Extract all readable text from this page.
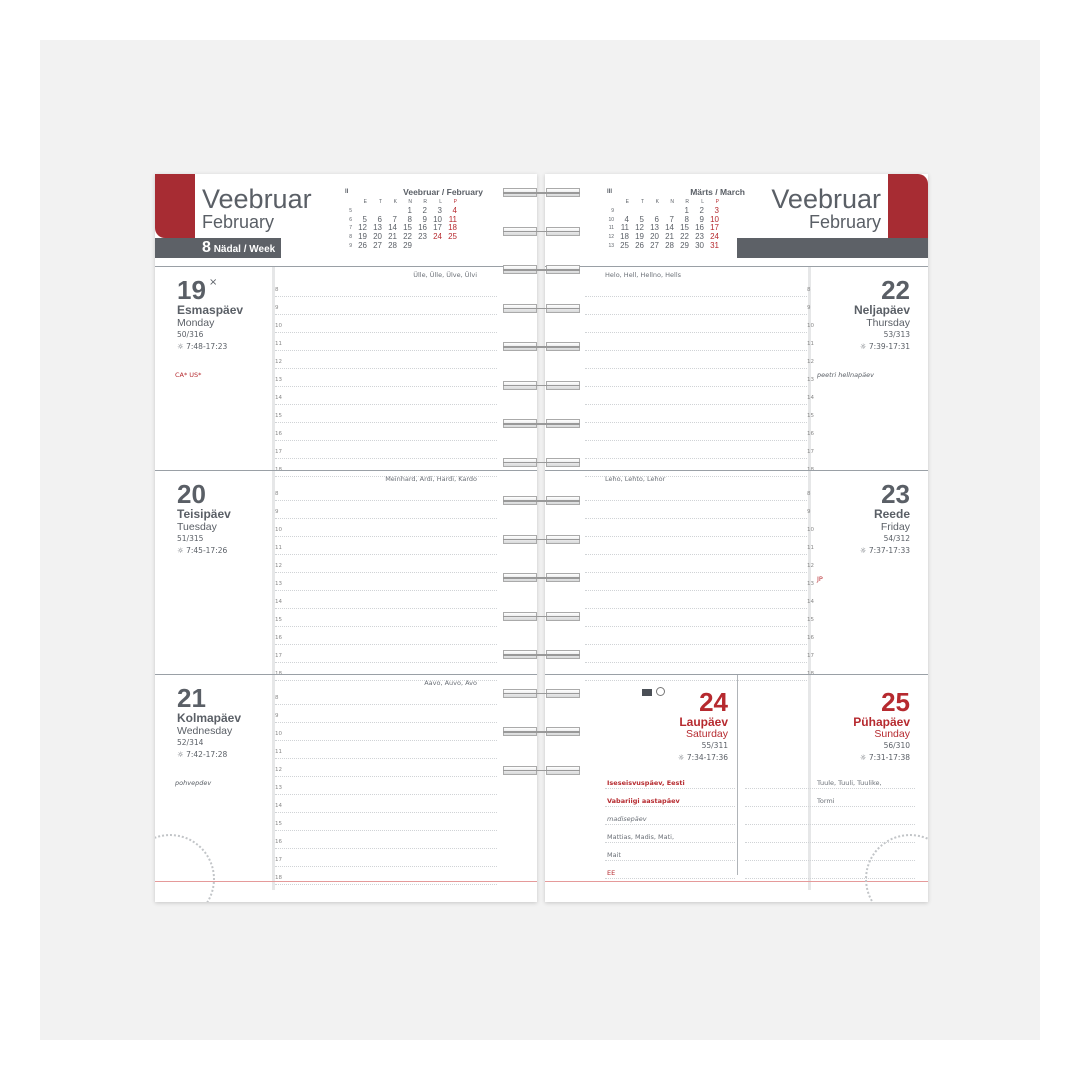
Veebruar
February
8 Nädal / Week
II	Veebruar / February
	E	T	K	N	R	L	P
5				1	2	3	4
6	5	6	7	8	9	10	11
7	12	13	14	15	16	17	18
8	19	20	21	22	23	24	25
9	26	27	28	29			
19 ×
Esmaspäev
Monday
50/316
☼ 7:48-17:23
Ülle, Ülle, Ülve, Ülvi
CA* US*
8
9
10
11
12
13
14
15
16
17
18
20
Teisipäev
Tuesday
51/315
☼ 7:45-17:26
Meinhard, Ardi, Hardi, Kardo
8
9
10
11
12
13
14
15
16
17
18
21
Kolmapäev
Wednesday
52/314
☼ 7:42-17:28
Aavo, Auvo, Avo
pohvepdev
8
9
10
11
12
13
14
15
16
17
18
Veebruar
February
III	Märts / March
	E	T	K	N	R	L	P
9					1	2	3
10	4	5	6	7	8	9	10
11	11	12	13	14	15	16	17
12	18	19	20	21	22	23	24
13	25	26	27	28	29	30	31
22
Neljapäev
Thursday
53/313
☼ 7:39-17:31
Helo, Hell, Hellno, Hells
peetri hellnapäev
8
9
10
11
12
13
14
15
16
17
18
23
Reede
Friday
54/312
☼ 7:37-17:33
Leho, Lehto, Lehor
JP
8
9
10
11
12
13
14
15
16
17
18
24
Laupäev
Saturday
55/311
☼ 7:34-17:36
Iseseisvuspäev, Eesti
Vabariigi aastapäev
madisepäev
Mattias, Madis, Mati,
Mait
EE
25
Pühapäev
Sunday
56/310
☼ 7:31-17:38
Tuule, Tuuli, Tuulike,
Tormi
